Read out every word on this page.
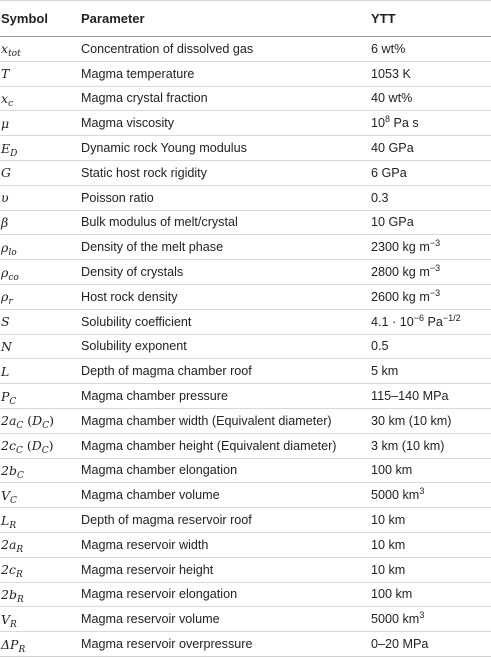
Symbol	Parameter	YTT
$x_{tot}$	Concentration of dissolved gas	6 wt%
T	Magma temperature	1053 K
$x_c$	Magma crystal fraction	40 wt%
μ	Magma viscosity	$10^8$ Pa s
$E_D$	Dynamic rock Young modulus	40 GPa
G	Static host rock rigidity	6 GPa
υ	Poisson ratio	0.3
β	Bulk modulus of melt/crystal	10 GPa
$\rho_{lo}$	Density of the melt phase	2300 kg $m^{-3}$
$\rho_{co}$	Density of crystals	2800 kg $m^{-3}$
$\rho_r$	Host rock density	2600 kg $m^{-3}$
S	Solubility coefficient	$4.1 \cdot 10^{-6}$ $Pa^{-1/2}$
N	Solubility exponent	0.5
L	Depth of magma chamber roof	5 km
$P_C$	Magma chamber pressure	115–140 MPa
$2a_C$ $(D_C)$	Magma chamber width (Equivalent diameter)	30 km (10 km)
$2c_C$ $(D_C)$	Magma chamber height (Equivalent diameter)	3 km (10 km)
$2b_C$	Magma chamber elongation	100 km
$V_C$	Magma chamber volume	5000 $km^3$
$L_R$	Depth of magma reservoir roof	10 km
$2a_R$	Magma reservoir width	10 km
$2c_R$	Magma reservoir height	10 km
$2b_R$	Magma reservoir elongation	100 km
$V_R$	Magma reservoir volume	5000 $km^3$
$\Delta P_R$	Magma reservoir overpressure	0–20 MPa
